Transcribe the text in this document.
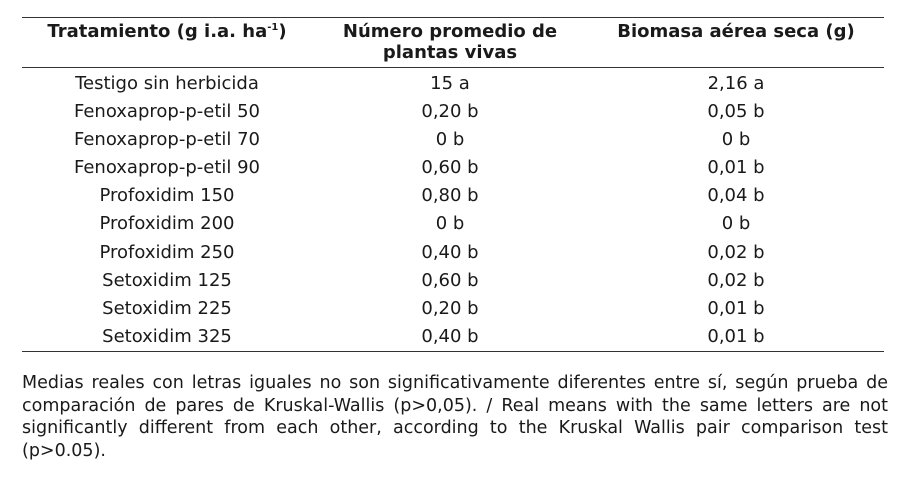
Tratamiento (g i.a. $ha^{-1}$)	Número promedio de plantas vivas	Biomasa aérea seca (g)
Testigo sin herbicida	15 a	2,16 a
Fenoxaprop-p-etil 50	0,20 b	0,05 b
Fenoxaprop-p-etil 70	0 b	0 b
Fenoxaprop-p-etil 90	0,60 b	0,01 b
Profoxidim 150	0,80 b	0,04 b
Profoxidim 200	0 b	0 b
Profoxidim 250	0,40 b	0,02 b
Setoxidim 125	0,60 b	0,02 b
Setoxidim 225	0,20 b	0,01 b
Setoxidim 325	0,40 b	0,01 b
Medias reales con letras iguales no son significativamente diferentes entre sí, según prueba de comparación de pares de Kruskal-Wallis (p>0,05). / Real means with the same letters are not significantly different from each other, according to the Kruskal Wallis pair comparison test (p>0.05).
